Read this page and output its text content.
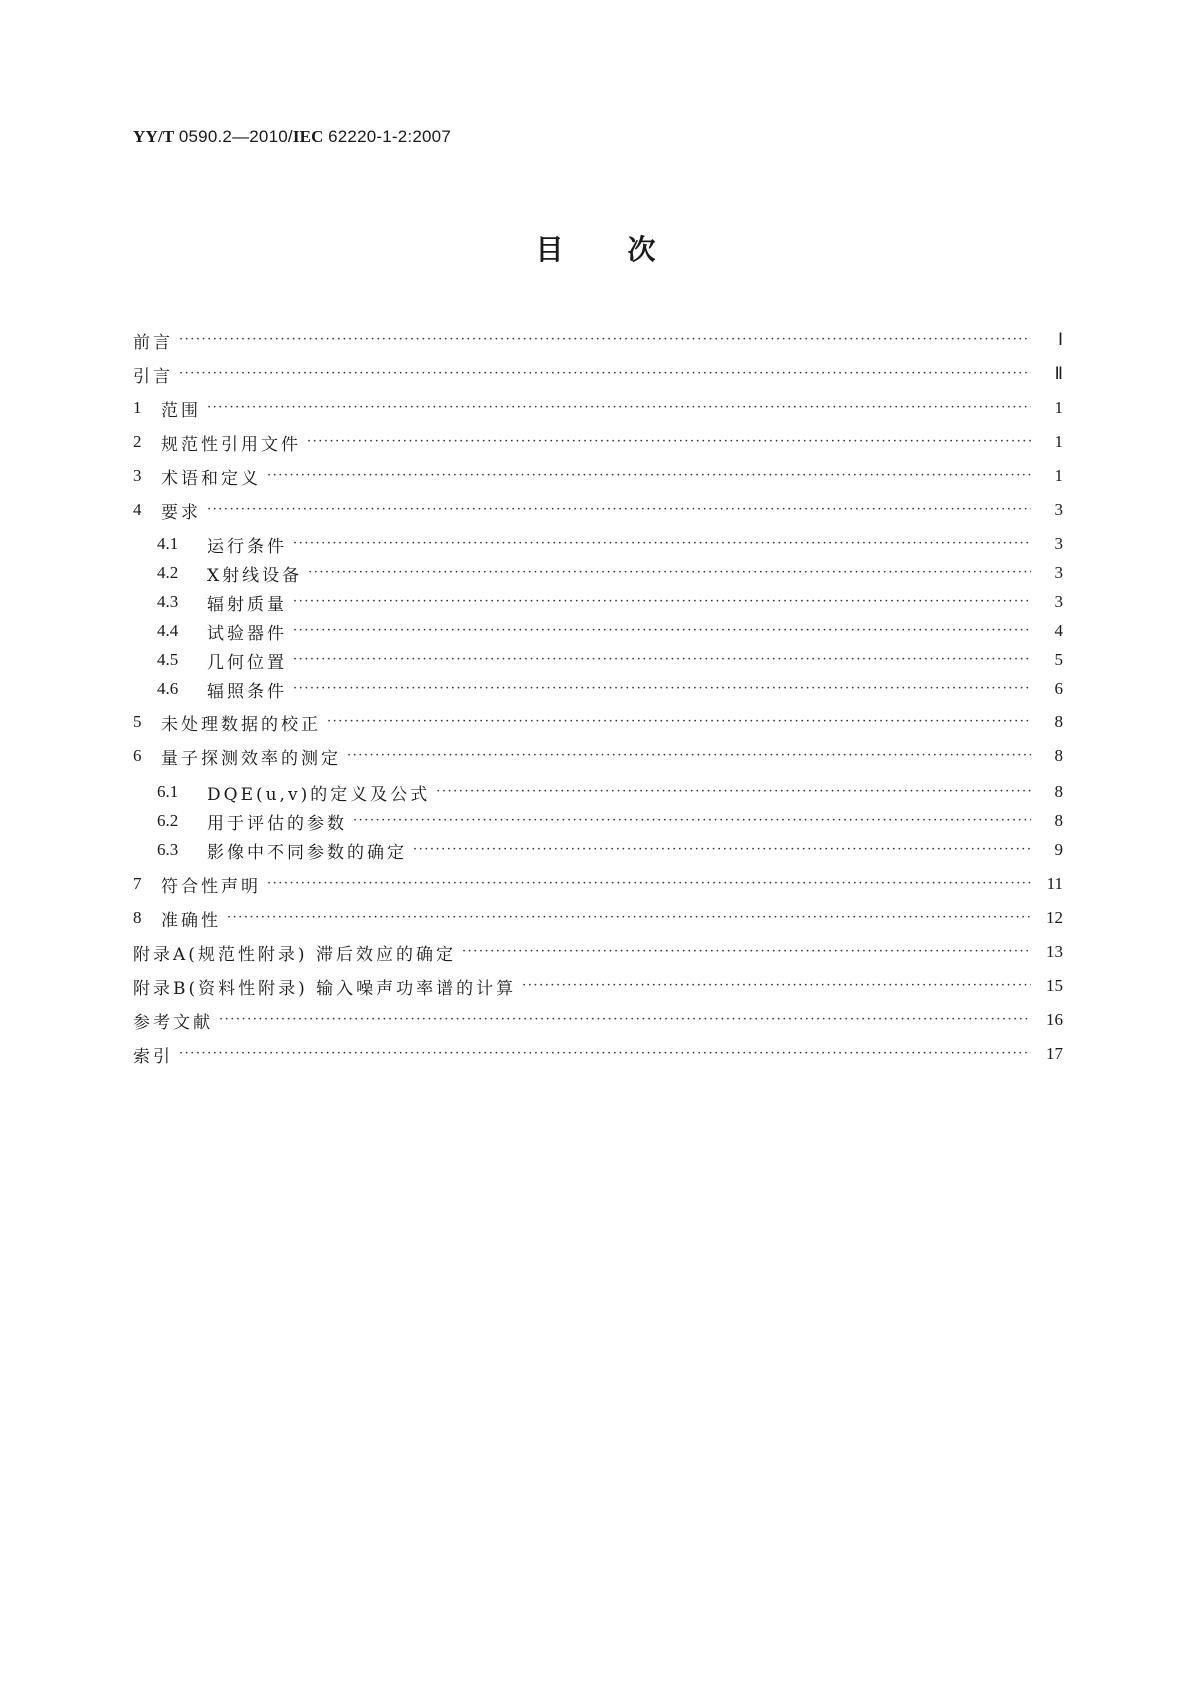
YY/T 0590.2—2010/IEC 62220-1-2:2007
目次
前言 ·····	Ⅰ
引言 ·····	Ⅱ
1	范围 ·····	1
2	规范性引用文件 ·····	1
3	术语和定义 ·····	1
4	要求 ·····	3
4.1	运行条件 ·····	3
4.2	X射线设备 ·····	3
4.3	辐射质量 ·····	3
4.4	试验器件 ·····	4
4.5	几何位置 ·····	5
4.6	辐照条件 ·····	6
5	未处理数据的校正 ·····	8
6	量子探测效率的测定 ·····	8
6.1	DQE(u,v)的定义及公式 ·····	8
6.2	用于评估的参数 ·····	8
6.3	影像中不同参数的确定 ·····	9
7	符合性声明 ·····	11
8	准确性 ·····	12
附录A(规范性附录) 滞后效应的确定 ·····	13
附录B(资料性附录) 输入噪声功率谱的计算 ·····	15
参考文献 ·····	16
索引 ·····	17
